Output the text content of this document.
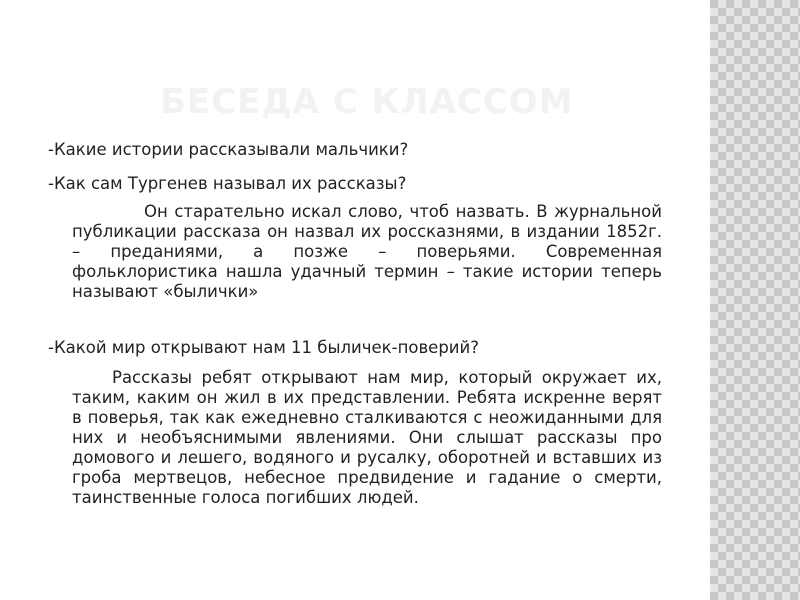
БЕСЕДА С КЛАССОМ

-Какие истории рассказывали мальчики?

-Как сам Тургенев называл их рассказы?

Он старательно искал слово, чтоб назвать. В журнальной публикации рассказа он назвал их россказнями, в издании 1852г. – преданиями, а позже – поверьями. Современная фольклористика нашла удачный термин – такие истории теперь называют «былички»

-Какой мир открывают нам 11 быличек-поверий?

Рассказы ребят открывают нам мир, который окружает их, таким, каким он жил в их представлении. Ребята искренне верят в поверья, так как ежедневно сталкиваются с неожиданными для них и необъяснимыми явлениями. Они слышат рассказы про домового и лешего, водяного и русалку, оборотней и вставших из гроба мертвецов, небесное предвидение и гадание о смерти, таинственные голоса погибших людей.
